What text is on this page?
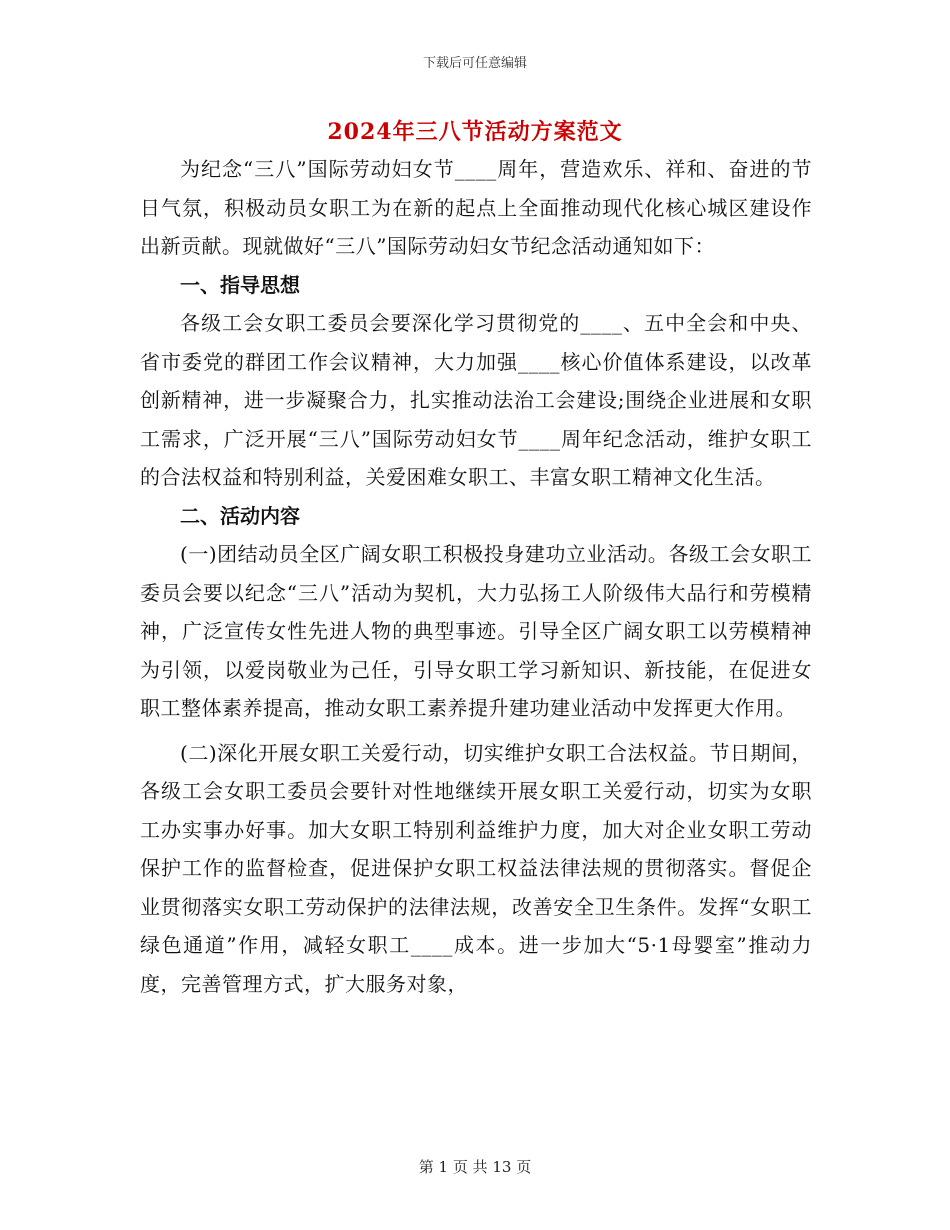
下载后可任意编辑
2024年三八节活动方案范文

为纪念“三八”国际劳动妇女节____周年，营造欢乐、祥和、奋进的节日气氛，积极动员女职工为在新的起点上全面推动现代化核心城区建设作出新贡献。现就做好“三八”国际劳动妇女节纪念活动通知如下：

一、指导思想

各级工会女职工委员会要深化学习贯彻党的____、五中全会和中央、省市委党的群团工作会议精神，大力加强____核心价值体系建设，以改革创新精神，进一步凝聚合力，扎实推动法治工会建设;围绕企业进展和女职工需求，广泛开展“三八”国际劳动妇女节____周年纪念活动，维护女职工的合法权益和特别利益，关爱困难女职工、丰富女职工精神文化生活。

二、活动内容

(一)团结动员全区广阔女职工积极投身建功立业活动。各级工会女职工委员会要以纪念“三八”活动为契机，大力弘扬工人阶级伟大品行和劳模精神，广泛宣传女性先进人物的典型事迹。引导全区广阔女职工以劳模精神为引领，以爱岗敬业为己任，引导女职工学习新知识、新技能，在促进女职工整体素养提高，推动女职工素养提升建功建业活动中发挥更大作用。

(二)深化开展女职工关爱行动，切实维护女职工合法权益。节日期间，各级工会女职工委员会要针对性地继续开展女职工关爱行动，切实为女职工办实事办好事。加大女职工特别利益维护力度，加大对企业女职工劳动保护工作的监督检查，促进保护女职工权益法律法规的贯彻落实。督促企业贯彻落实女职工劳动保护的法律法规，改善安全卫生条件。发挥“女职工绿色通道”作用，减轻女职工____成本。进一步加大“5·1母婴室”推动力度，完善管理方式，扩大服务对象，

第 1 页 共 13 页
